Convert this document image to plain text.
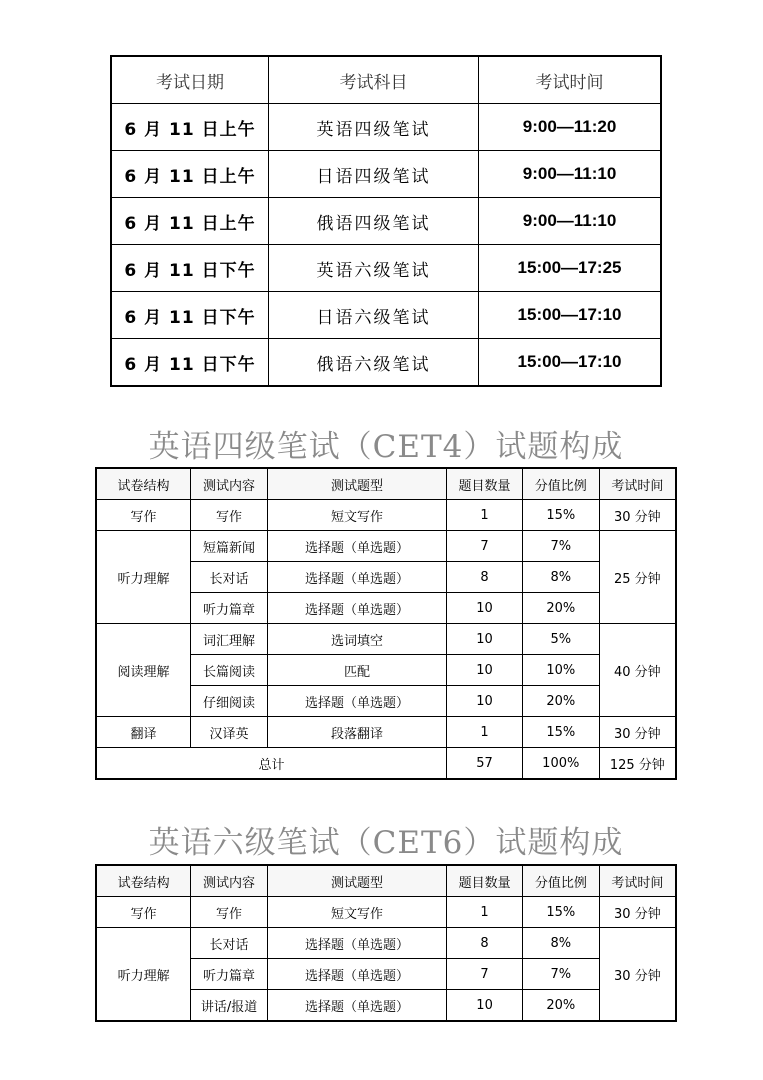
考试日期	考试科目	考试时间
6 月 11 日上午	英语四级笔试	9:00—11:20
6 月 11 日上午	日语四级笔试	9:00—11:10
6 月 11 日上午	俄语四级笔试	9:00—11:10
6 月 11 日下午	英语六级笔试	15:00—17:25
6 月 11 日下午	日语六级笔试	15:00—17:10
6 月 11 日下午	俄语六级笔试	15:00—17:10
英语四级笔试（CET4）试题构成
试卷结构	测试内容	测试题型	题目数量	分值比例	考试时间
写作	写作	短文写作	1	15%	30 分钟
听力理解	短篇新闻	选择题（单选题）	7	7%	25 分钟
	长对话	选择题（单选题）	8	8%	
	听力篇章	选择题（单选题）	10	20%	
阅读理解	词汇理解	选词填空	10	5%	40 分钟
	长篇阅读	匹配	10	10%	
	仔细阅读	选择题（单选题）	10	20%	
翻译	汉译英	段落翻译	1	15%	30 分钟
总计			57	100%	125 分钟
英语六级笔试（CET6）试题构成
试卷结构	测试内容	测试题型	题目数量	分值比例	考试时间
写作	写作	短文写作	1	15%	30 分钟
听力理解	长对话	选择题（单选题）	8	8%	30 分钟
	听力篇章	选择题（单选题）	7	7%	
	讲话/报道	选择题（单选题）	10	20%	
